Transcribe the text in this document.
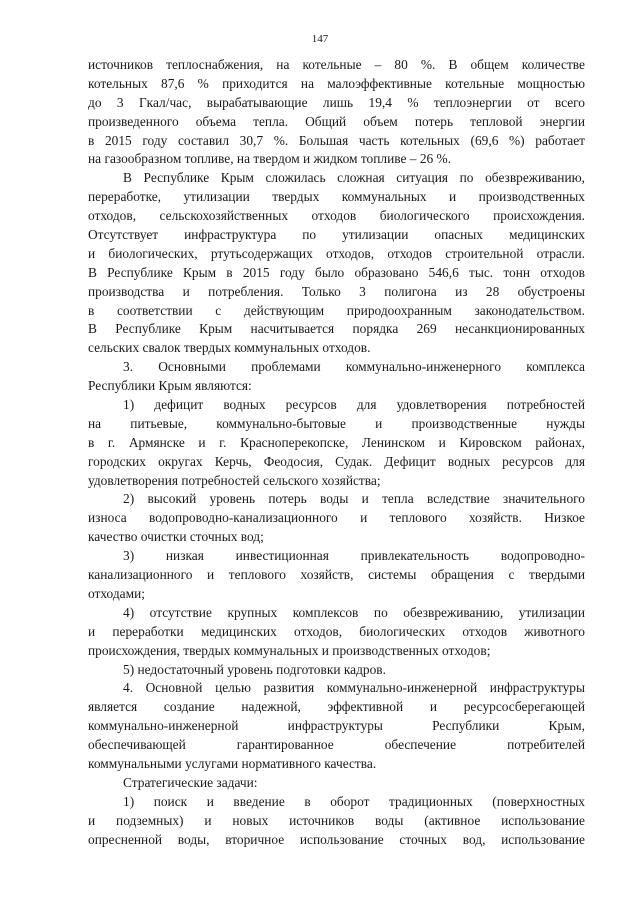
147
источников теплоснабжения, на котельные – 80 %. В общем количестве
котельных 87,6 % приходится на малоэффективные котельные мощностью
до 3 Гкал/час, вырабатывающие лишь 19,4 % теплоэнергии от всего
произведенного объема тепла. Общий объем потерь тепловой энергии
в 2015 году составил 30,7 %. Большая часть котельных (69,6 %) работает
на газообразном топливе, на твердом и жидком топливе – 26 %.
В Республике Крым сложилась сложная ситуация по обезвреживанию,
переработке, утилизации твердых коммунальных и производственных
отходов, сельскохозяйственных отходов биологического происхождения.
Отсутствует инфраструктура по утилизации опасных медицинских
и биологических, ртутьсодержащих отходов, отходов строительной отрасли.
В Республике Крым в 2015 году было образовано 546,6 тыс. тонн отходов
производства и потребления. Только 3 полигона из 28 обустроены
в соответствии с действующим природоохранным законодательством.
В Республике Крым насчитывается порядка 269 несанкционированных
сельских свалок твердых коммунальных отходов.
3. Основными проблемами коммунально-инженерного комплекса
Республики Крым являются:
1) дефицит водных ресурсов для удовлетворения потребностей
на питьевые, коммунально-бытовые и производственные нужды
в г. Армянске и г. Красноперекопске, Ленинском и Кировском районах,
городских округах Керчь, Феодосия, Судак. Дефицит водных ресурсов для
удовлетворения потребностей сельского хозяйства;
2) высокий уровень потерь воды и тепла вследствие значительного
износа водопроводно-канализационного и теплового хозяйств. Низкое
качество очистки сточных вод;
3) низкая инвестиционная привлекательность водопроводно-
канализационного и теплового хозяйств, системы обращения с твердыми
отходами;
4) отсутствие крупных комплексов по обезвреживанию, утилизации
и переработки медицинских отходов, биологических отходов животного
происхождения, твердых коммунальных и производственных отходов;
5) недостаточный уровень подготовки кадров.
4. Основной целью развития коммунально-инженерной инфраструктуры
является создание надежной, эффективной и ресурсосберегающей
коммунально-инженерной инфраструктуры Республики Крым,
обеспечивающей гарантированное обеспечение потребителей
коммунальными услугами нормативного качества.
Стратегические задачи:
1) поиск и введение в оборот традиционных (поверхностных
и подземных) и новых источников воды (активное использование
опресненной воды, вторичное использование сточных вод, использование
